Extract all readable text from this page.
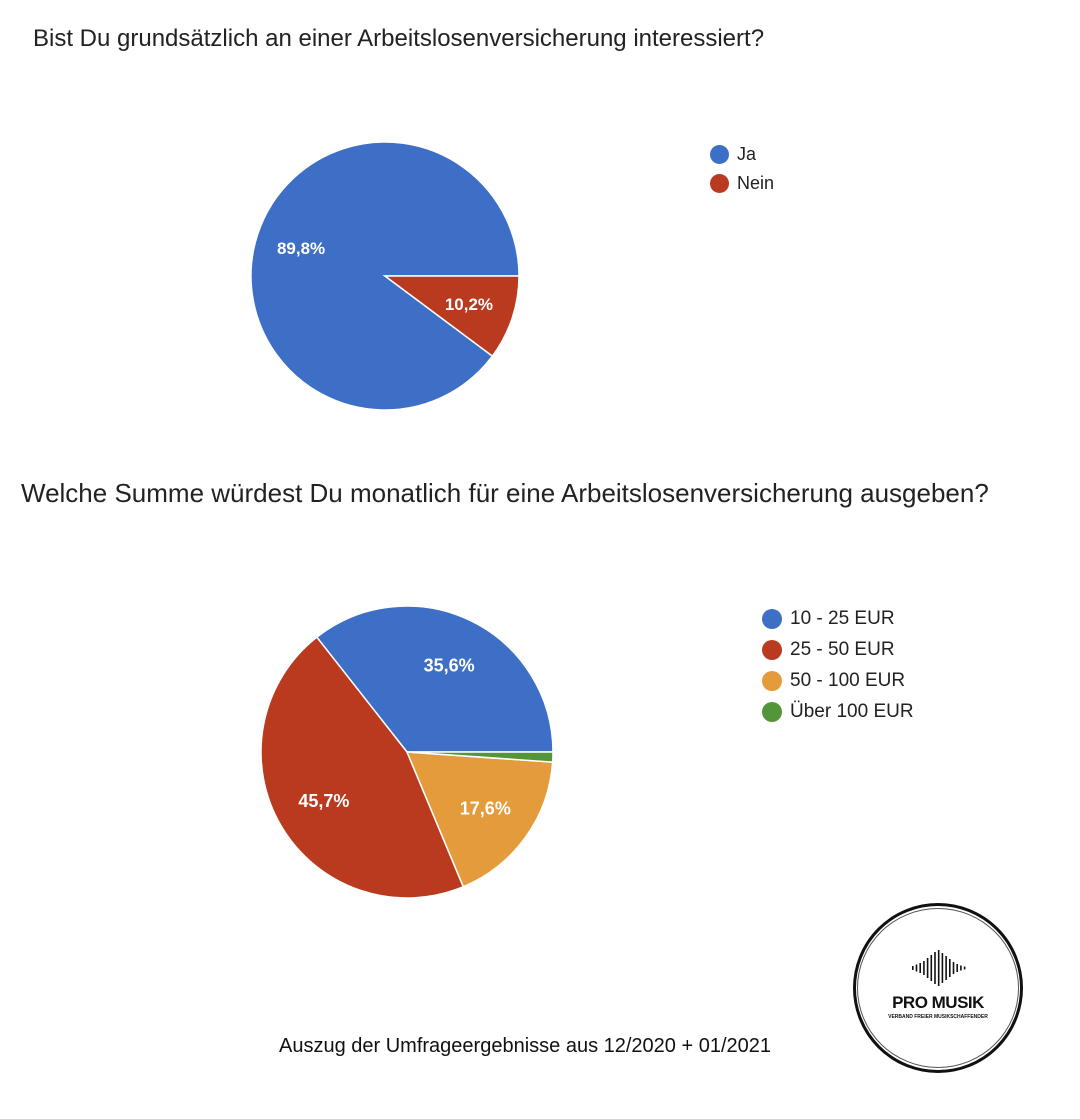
Bist Du grundsätzlich an einer Arbeitslosenversicherung interessiert?
89,8%
10,2%
Ja
Nein
Welche Summe würdest Du monatlich für eine Arbeitslosenversicherung ausgeben?
35,6%
45,7%	17,6%
10 - 25 EUR
25 - 50 EUR
50 - 100 EUR
Über 100 EUR
Auszug der Umfrageergebnisse aus 12/2020 + 01/2021
PRO MUSIK
VERBAND FREIER MUSIKSCHAFFENDER
